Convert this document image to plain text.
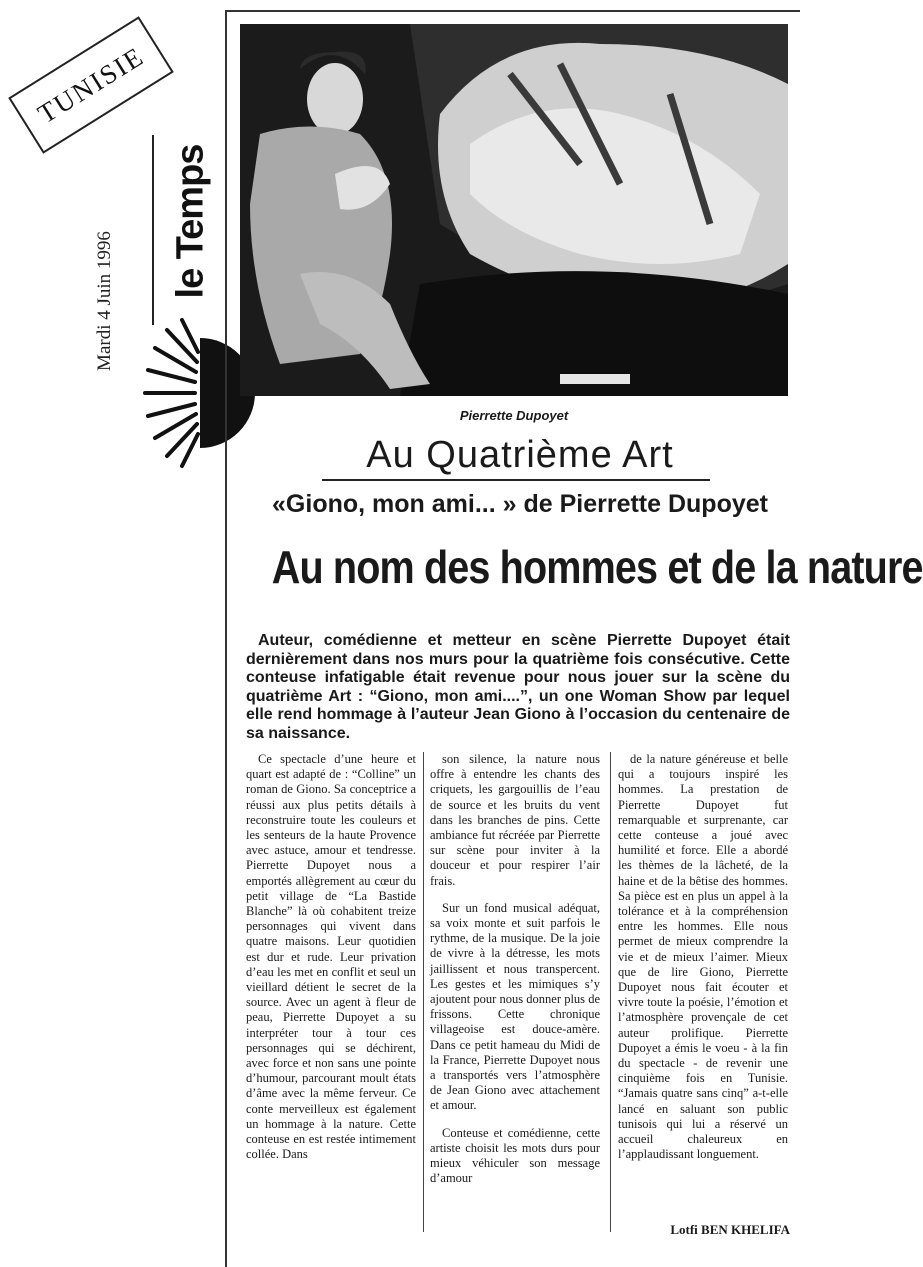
TUNISIE
Mardi 4 Juin 1996
le Temps
Pierrette Dupoyet
Au Quatrième Art
«Giono, mon ami... » de Pierrette Dupoyet
Au nom des hommes et de la nature
Auteur, comédienne et metteur en scène Pierrette Dupoyet était dernièrement dans nos murs pour la quatrième fois consécutive. Cette conteuse infatigable était revenue pour nous jouer sur la scène du quatrième Art : “Giono, mon ami....”, un one Woman Show par lequel elle rend hommage à l’auteur Jean Giono à l’occasion du centenaire de sa naissance.

Ce spectacle d’une heure et quart est adapté de : “Colline” un roman de Giono. Sa conceptrice a réussi aux plus petits détails à reconstruire toute les couleurs et les senteurs de la haute Provence avec astuce, amour et tendresse. Pierrette Dupoyet nous a emportés allègrement au cœur du petit village de “La Bastide Blanche” là où cohabitent treize personnages qui vivent dans quatre maisons. Leur quotidien est dur et rude. Leur privation d’eau les met en conflit et seul un vieillard détient le secret de la source. Avec un agent à fleur de peau, Pierrette Dupoyet a su interpréter tour à tour ces personnages qui se déchirent, avec force et non sans une pointe d’humour, parcourant moult états d’âme avec la même ferveur. Ce conte merveilleux est également un hommage à la nature. Cette conteuse en est restée intimement collée. Dans

son silence, la nature nous offre à entendre les chants des criquets, les gargouillis de l’eau de source et les bruits du vent dans les branches de pins. Cette ambiance fut récréée par Pierrette sur scène pour inviter à la douceur et pour respirer l’air frais.

Sur un fond musical adéquat, sa voix monte et suit parfois le rythme, de la musique. De la joie de vivre à la détresse, les mots jaillissent et nous transpercent. Les gestes et les mimiques s’y ajoutent pour nous donner plus de frissons. Cette chronique villageoise est douce-amère. Dans ce petit hameau du Midi de la France, Pierrette Dupoyet nous a transportés vers l’atmosphère de Jean Giono avec attachement et amour.

Conteuse et comédienne, cette artiste choisit les mots durs pour mieux véhiculer son message d’amour

de la nature généreuse et belle qui a toujours inspiré les hommes. La prestation de Pierrette Dupoyet fut remarquable et surprenante, car cette conteuse a joué avec humilité et force. Elle a abordé les thèmes de la lâcheté, de la haine et de la bêtise des hommes. Sa pièce est en plus un appel à la tolérance et à la compréhension entre les hommes. Elle nous permet de mieux comprendre la vie et de mieux l’aimer. Mieux que de lire Giono, Pierrette Dupoyet nous fait écouter et vivre toute la poésie, l’émotion et l’atmosphère provençale de cet auteur prolifique. Pierrette Dupoyet a émis le voeu - à la fin du spectacle - de revenir une cinquième fois en Tunisie. “Jamais quatre sans cinq” a-t-elle lancé en saluant son public tunisois qui lui a réservé un accueil chaleureux en l’applaudissant longuement.

Lotfi BEN KHELIFA
